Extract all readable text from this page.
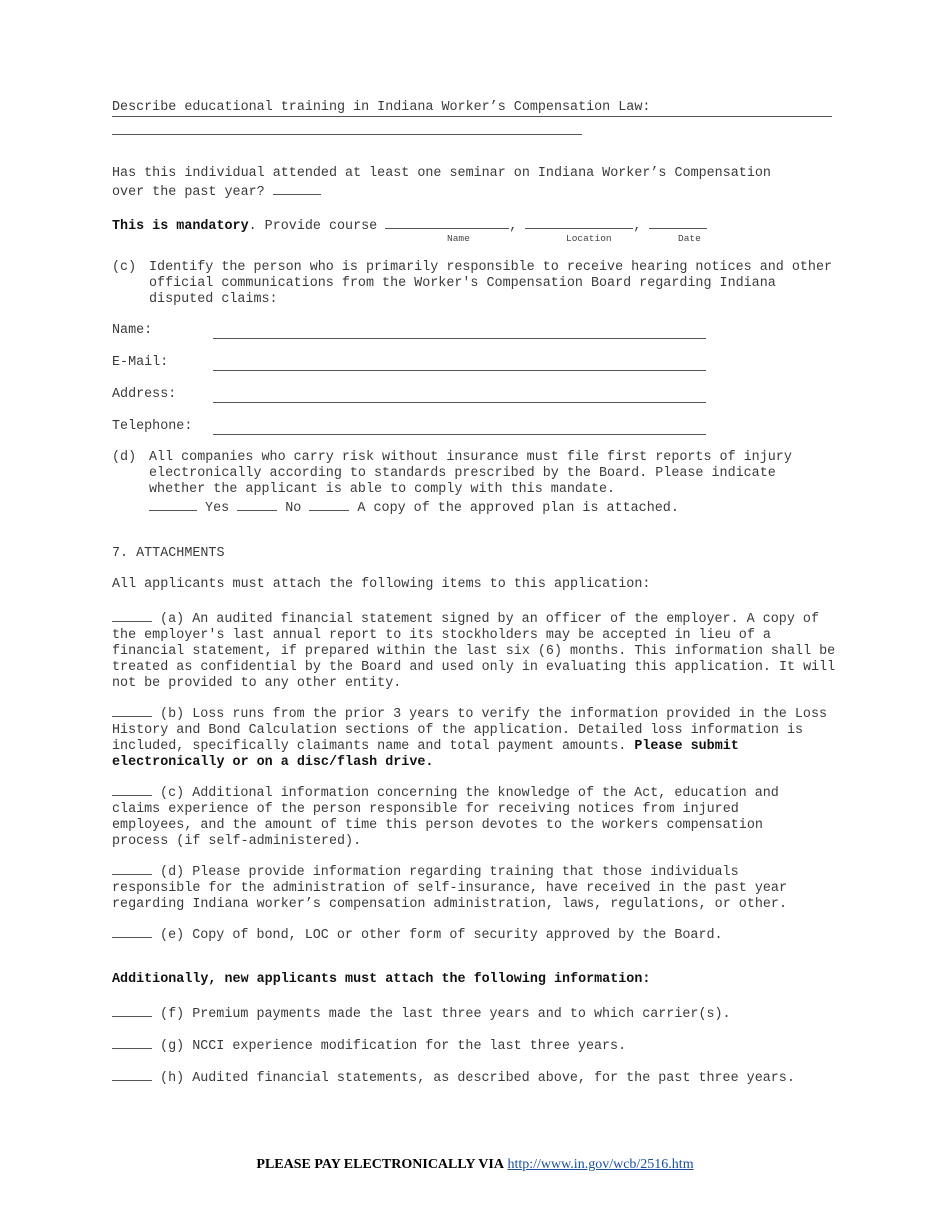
Describe educational training in Indiana Worker’s Compensation Law:
Has this individual attended at least one seminar on Indiana Worker’s Compensation
over the past year?
This is mandatory. Provide course	,	,
Name	Location	Date
(c) Identify the person who is primarily responsible to receive hearing notices and other official communications from the Worker's Compensation Board regarding Indiana disputed claims:
Name:
E-Mail:
Address:
Telephone:
(d) All companies who carry risk without insurance must file first reports of injury electronically according to standards prescribed by the Board. Please indicate whether the applicant is able to comply with this mandate.
Yes	No	A copy of the approved plan is attached.
7. ATTACHMENTS
All applicants must attach the following items to this application:
(a) An audited financial statement signed by an officer of the employer. A copy of the employer's last annual report to its stockholders may be accepted in lieu of a financial statement, if prepared within the last six (6) months. This information shall be treated as confidential by the Board and used only in evaluating this application. It will not be provided to any other entity.
(b) Loss runs from the prior 3 years to verify the information provided in the Loss History and Bond Calculation sections of the application. Detailed loss information is included, specifically claimants name and total payment amounts. Please submit electronically or on a disc/flash drive.
(c) Additional information concerning the knowledge of the Act, education and claims experience of the person responsible for receiving notices from injured employees, and the amount of time this person devotes to the workers compensation process (if self-administered).
(d) Please provide information regarding training that those individuals responsible for the administration of self-insurance, have received in the past year regarding Indiana worker’s compensation administration, laws, regulations, or other.
(e) Copy of bond, LOC or other form of security approved by the Board.
Additionally, new applicants must attach the following information:
(f) Premium payments made the last three years and to which carrier(s).
(g) NCCI experience modification for the last three years.
(h) Audited financial statements, as described above, for the past three years.
PLEASE PAY ELECTRONICALLY VIA http://www.in.gov/wcb/2516.htm
